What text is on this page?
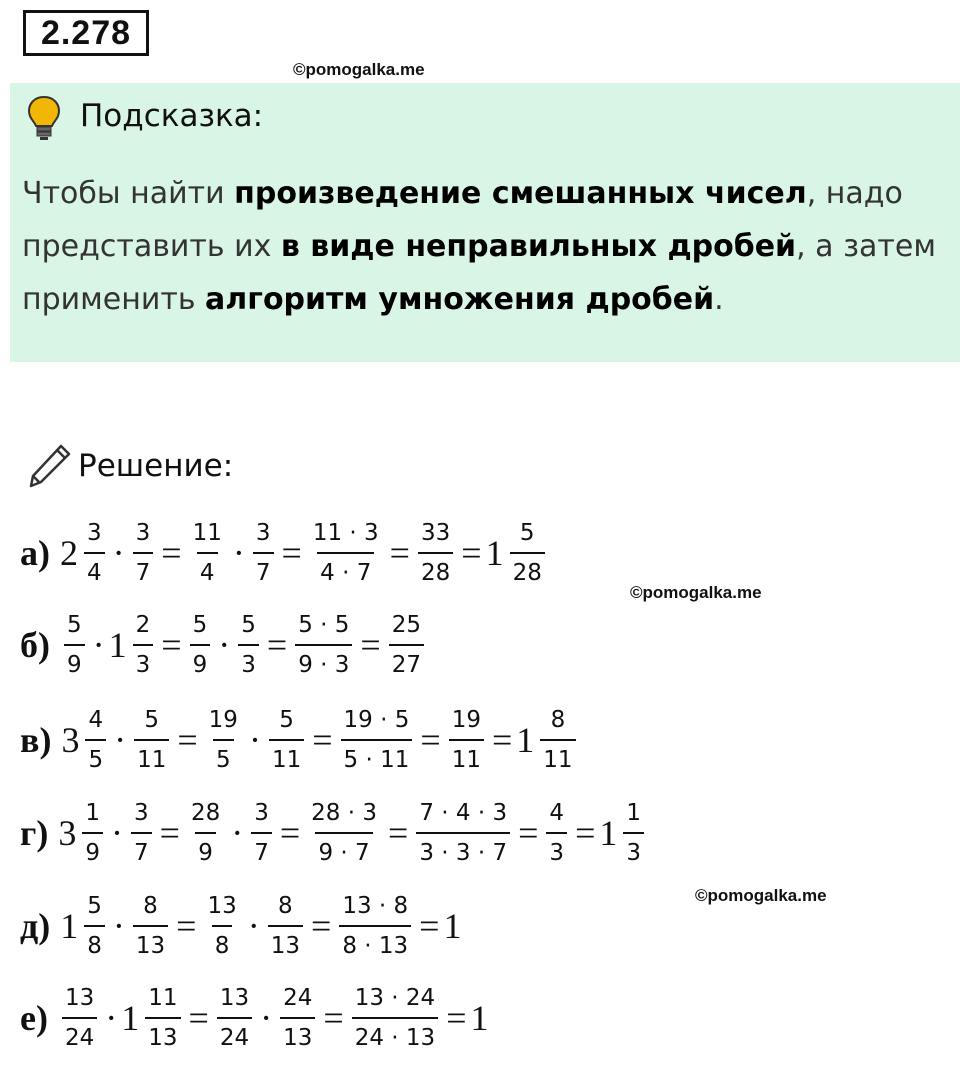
2.278
©pomogalka.me
Подсказка:
Чтобы найти произведение смешанных чисел, надо представить их в виде неправильных дробей, а затем применить алгоритм умножения дробей.
Решение:
а) $2 \frac{3}{4} \cdot \frac{3}{7} = \frac{11}{4} \cdot \frac{3}{7} = \frac{11 \cdot 3}{4 \cdot 7} = \frac{33}{28} = 1 \frac{5}{28}$
$б) \frac{5}{9} \cdot 1 \frac{2}{3} = \frac{5}{9} \cdot \frac{5}{3} = \frac{5 \cdot 5}{9 \cdot 3} = \frac{25}{27}$
в) $3 \frac{4}{5} \cdot \frac{5}{11} = \frac{19}{5} \cdot \frac{5}{11} = \frac{19 \cdot 5}{5 \cdot 11} = \frac{19}{11} = 1 \frac{8}{11}$
г) $3 \frac{1}{9} \cdot \frac{3}{7} = \frac{28}{9} \cdot \frac{3}{7} = \frac{28 \cdot 3}{9 \cdot 7} = \frac{7 \cdot 4 \cdot 3}{3 \cdot 3 \cdot 7} = \frac{4}{3} = 1 \frac{1}{3}$
д) $1 \frac{5}{8} \cdot \frac{8}{13} = \frac{13}{8} \cdot \frac{8}{13} = \frac{13 \cdot 8}{8 \cdot 13} = 1$
$е) \frac{13}{24} \cdot 1 \frac{11}{13} = \frac{13}{24} \cdot \frac{24}{13} = \frac{13 \cdot 24}{24 \cdot 13} = 1$
©pomogalka.me
©pomogalka.me
